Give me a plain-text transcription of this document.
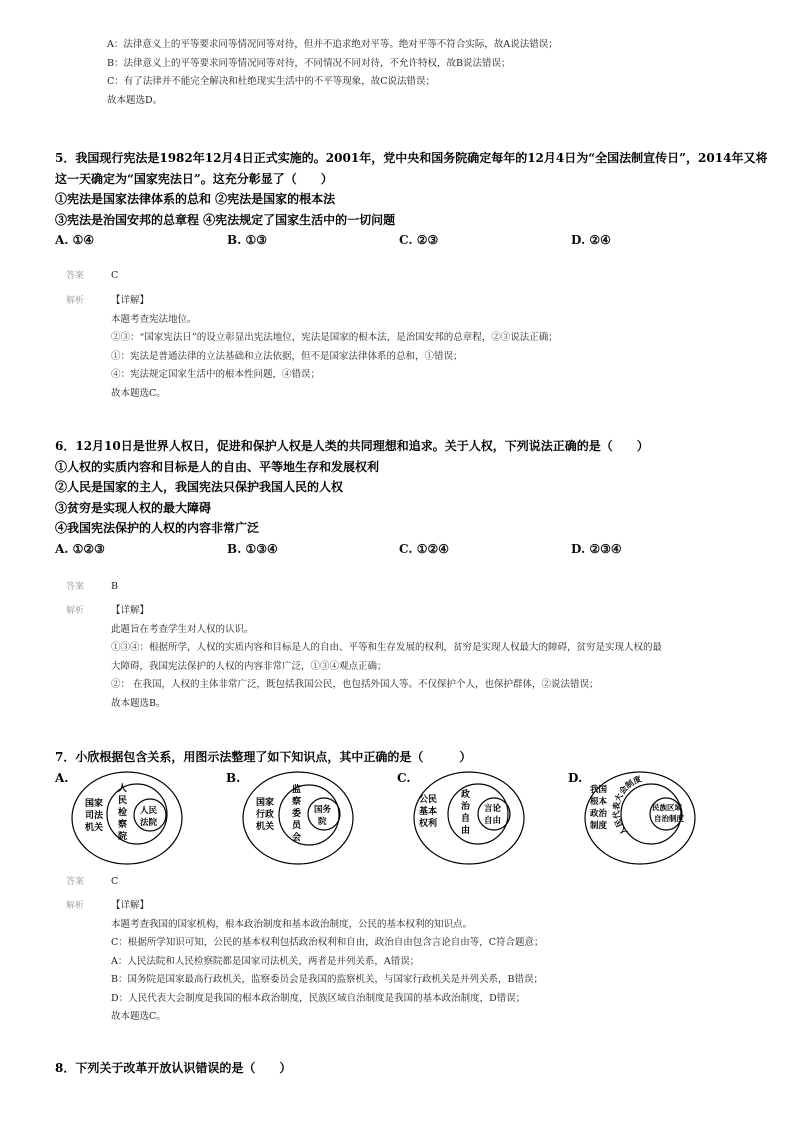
A：法律意义上的平等要求同等情况同等对待，但并不追求绝对平等。绝对平等不符合实际，故A说法错误；
B：法律意义上的平等要求同等情况同等对待，不同情况不同对待，不允许特权，故B说法错误；
C：有了法律并不能完全解决和杜绝现实生活中的不平等现象，故C说法错误；
故本题选D。
5．我国现行宪法是1982年12月4日正式实施的。2001年，党中央和国务院确定每年的12月4日为“全国法制宣传日”，2014年又将
这一天确定为“国家宪法日”。这充分彰显了（　　）
①宪法是国家法律体系的总和 ②宪法是国家的根本法
③宪法是治国安邦的总章程 ④宪法规定了国家生活中的一切问题
A. ①④	B. ①③	C. ②③	D. ②④
答案	C
解析	【详解】
本题考查宪法地位。
②③：“国家宪法日”的设立彰显出宪法地位，宪法是国家的根本法，是治国安邦的总章程，②③说法正确；
①：宪法是普通法律的立法基础和立法依据，但不是国家法律体系的总和，①错误；
④：宪法规定国家生活中的根本性问题，④错误；
故本题选C。
6．12月10日是世界人权日，促进和保护人权是人类的共同理想和追求。关于人权，下列说法正确的是（　　）
①人权的实质内容和目标是人的自由、平等地生存和发展权利
②人民是国家的主人，我国宪法只保护我国人民的人权
③贫穷是实现人权的最大障碍
④我国宪法保护的人权的内容非常广泛
A. ①②③	B. ①③④	C. ①②④	D. ②③④
答案	B
解析	【详解】
此题旨在考查学生对人权的认识。
①③④：根据所学，人权的实质内容和目标是人的自由、平等和生存发展的权利，贫穷是实现人权最大的障碍，贫穷是实现人权的最
大障碍，我国宪法保护的人权的内容非常广泛，①③④观点正确；
②： 在我国，人权的主体非常广泛，既包括我国公民，也包括外国人等。不仅保护个人，也保护群体，②说法错误；
故本题选B。
7．小欣根据包含关系，用图示法整理了如下知识点，其中正确的是（　　　）
A.
国家
司法
机关
人
民
检
察
院
人民
法院
B.
国家
行政
机关
监
察
委
员
会
国务
院
C.
公民
基本
权利
政
治
自
由
言论
自由
D.
我国
根本
政治
制度	人民代表大会制度
民族区域
自治制度
答案	C
解析	【详解】
本题考查我国的国家机构，根本政治制度和基本政治制度，公民的基本权利的知识点。
C：根据所学知识可知，公民的基本权利包括政治权利和自由，政治自由包含言论自由等，C符合题意；
A：人民法院和人民检察院都是国家司法机关，两者是并列关系，A错误；
B：国务院是国家最高行政机关，监察委员会是我国的监察机关，与国家行政机关是并列关系，B错误；
D：人民代表大会制度是我国的根本政治制度，民族区域自治制度是我国的基本政治制度，D错误；
故本题选C。
8．下列关于改革开放认识错误的是（　　）
